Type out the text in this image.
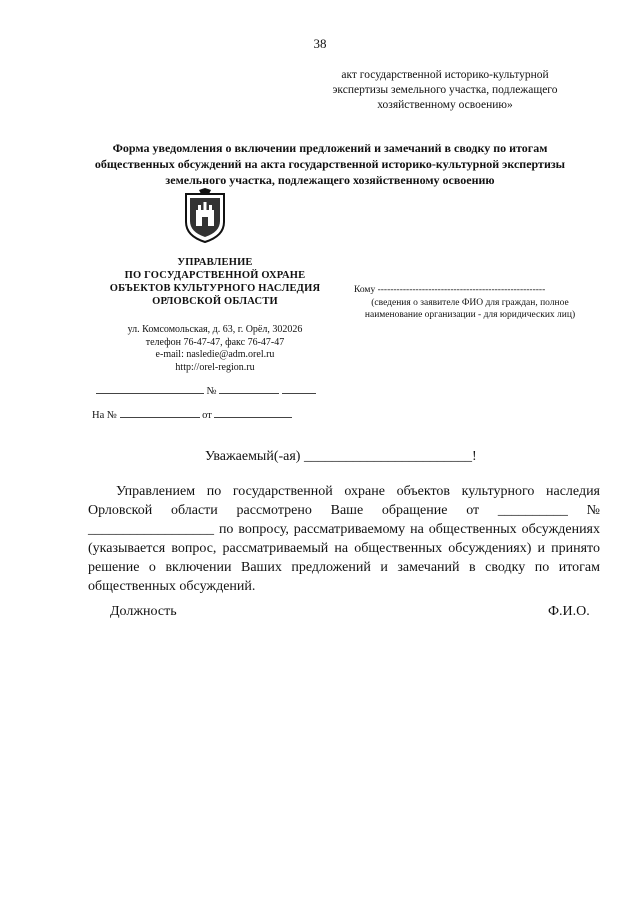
38
акт государственной историко-культурной
экспертизы земельного участка, подлежащего
хозяйственному освоению»
Форма уведомления о включении предложений и замечаний в сводку по итогам
общественных обсуждений на акта государственной историко-культурной экспертизы
земельного участка, подлежащего хозяйственному освоению
УПРАВЛЕНИЕ
ПО ГОСУДАРСТВЕННОЙ ОХРАНЕ
ОБЪЕКТОВ КУЛЬТУРНОГО НАСЛЕДИЯ
ОРЛОВСКОЙ ОБЛАСТИ
ул. Комсомольская, д. 63, г. Орёл, 302026
телефон 76-47-47, факс 76-47-47
e-mail: nasledie@adm.orel.ru
http://orel-region.ru
Кому -----------------------------------------------------
(сведения о заявителе ФИО для граждан, полное
наименование организации - для юридических лиц)
№
На №	от
Уважаемый(-ая) ________________________!
Управлением по государственной охране объектов культурного наследия Орловской области рассмотрено Ваше обращение от __________ № __________________ по вопросу, рассматриваемому на общественных обсуждениях (указывается вопрос, рассматриваемый на общественных обсуждениях) и принято решение о включении Ваших предложений и замечаний в сводку по итогам общественных обсуждений.
Должность	Ф.И.О.
